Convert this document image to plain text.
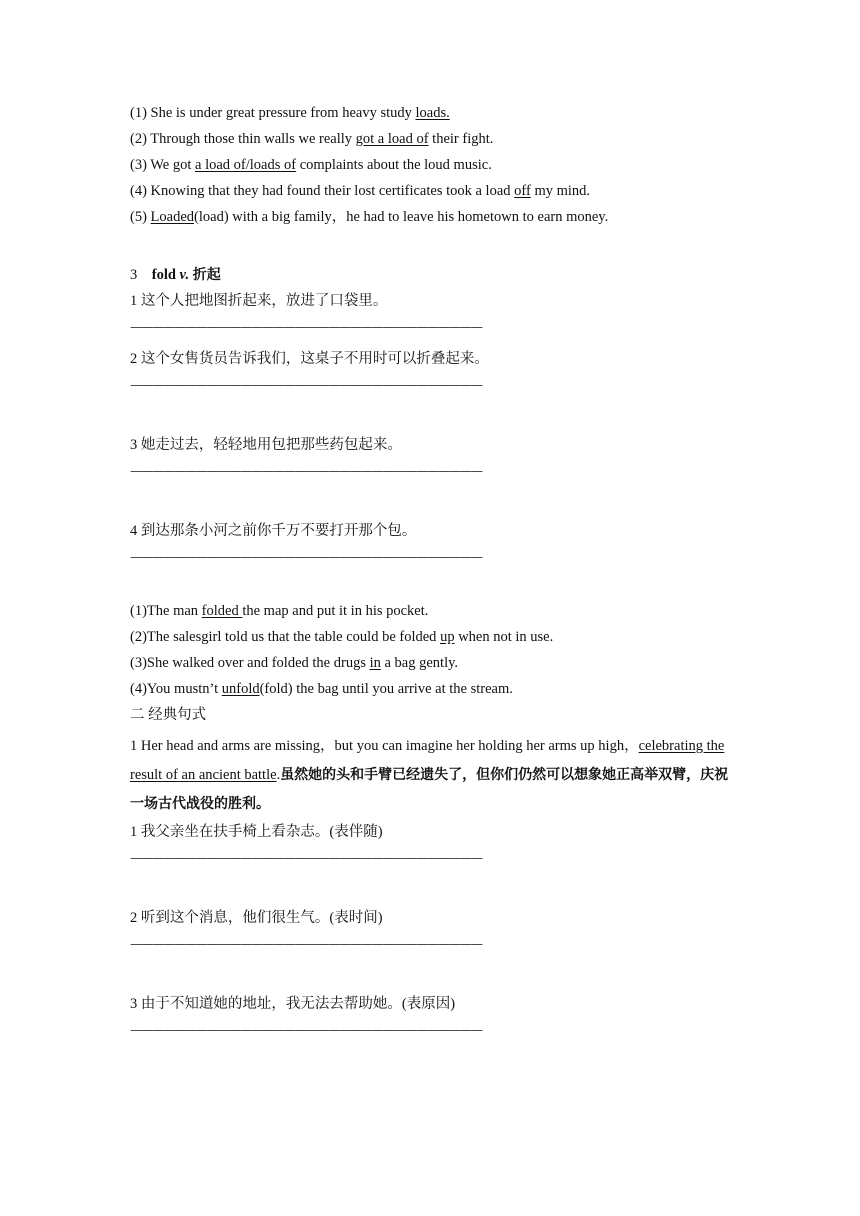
(1) She is under great pressure from heavy study loads.
(2) Through those thin walls we really got a load of their fight.
(3) We got a load of/loads of complaints about the loud music.
(4) Knowing that they had found their lost certificates took a load off my mind.
(5) Loaded(load) with a big family，he had to leave his hometown to earn money.
3 fold v. 折起
1 这个人把地图折起来，放进了口袋里。
————————————————————————————————
2 这个女售货员告诉我们，这桌子不用时可以折叠起来。
————————————————————————————————
3 她走过去，轻轻地用包把那些药包起来。
————————————————————————————————
4 到达那条小河之前你千万不要打开那个包。
————————————————————————————————
(1)The man folded the map and put it in his pocket.
(2)The salesgirl told us that the table could be folded up when not in use.
(3)She walked over and folded the drugs in a bag gently.
(4)You mustn’t unfold(fold) the bag until you arrive at the stream.
二 经典句式
1 Her head and arms are missing，but you can imagine her holding her arms up high，celebrating the result of an ancient battle.虽然她的头和手臂已经遗失了，但你们仍然可以想象她正高举双臂，庆祝一场古代战役的胜利。
1 我父亲坐在扶手椅上看杂志。(表伴随)
————————————————————————————————
2 听到这个消息，他们很生气。(表时间)
————————————————————————————————
3 由于不知道她的地址，我无法去帮助她。(表原因)
————————————————————————————————
